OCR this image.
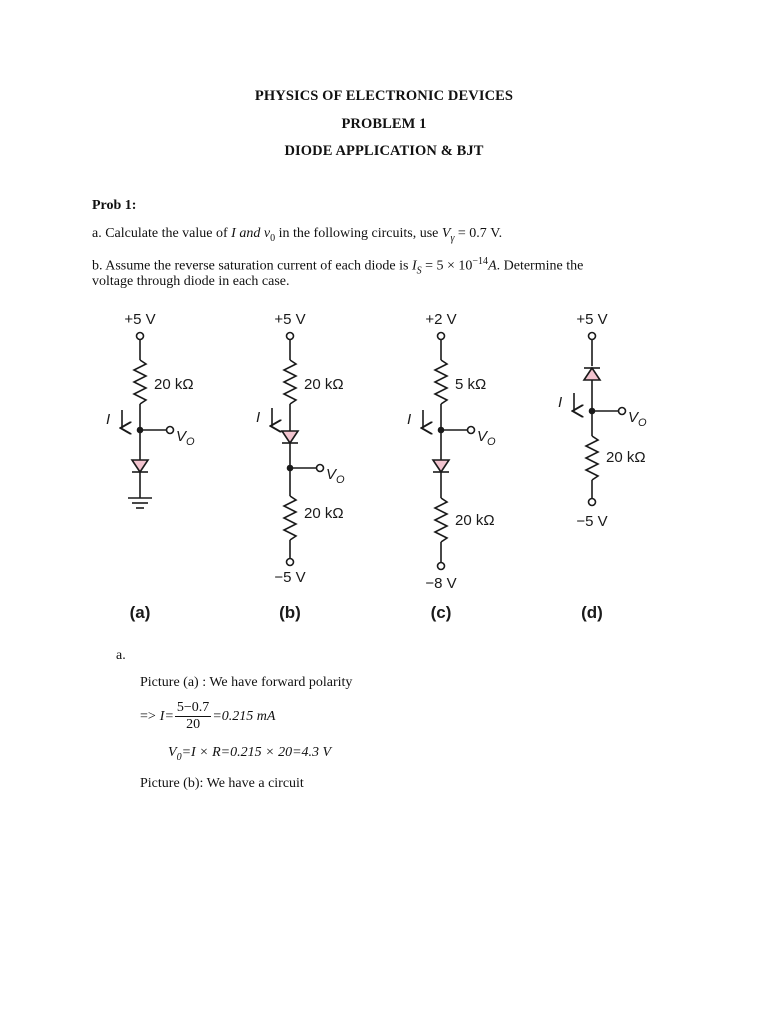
PHYSICS OF ELECTRONIC DEVICES
PROBLEM 1
DIODE APPLICATION & BJT
Prob 1:
a. Calculate the value of I and $v_0$ in the following circuits, use $V_\gamma = 0.7$ V.
b. Assume the reverse saturation current of each diode is $I_S = 5 \times 10^{-14}A$. Determine the
voltage through diode in each case.
+5 V
20 kΩ
I
$V_O$
(a)
+5 V
20 kΩ
I
$V_O$
20 kΩ
−5 V
(b)
+2 V
5 kΩ
I
$V_O$
20 kΩ
−8 V
(c)
+5 V
I
$V_O$
20 kΩ
−5 V
(d)
a.
Picture (a) : We have forward polarity
=> $I= \frac{5-0.7}{20} =0.215$ mA
$V_0=I \times R=0.215 \times 20=4.3$ V
Picture (b): We have a circuit
